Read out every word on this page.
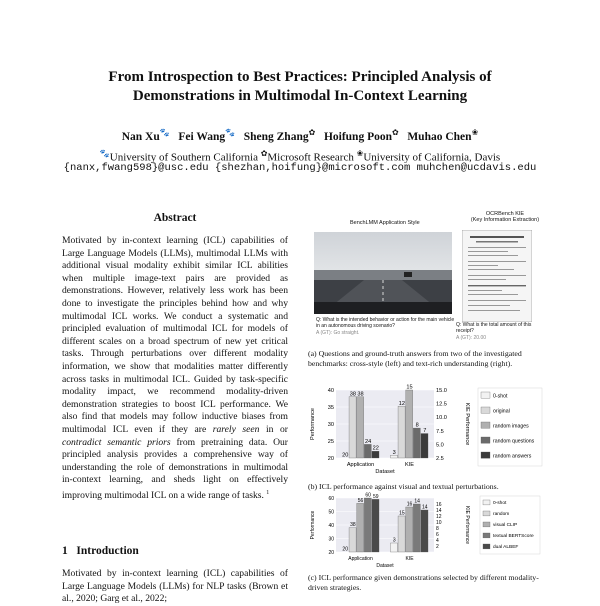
From Introspection to Best Practices: Principled Analysis of
Demonstrations in Multimodal In-Context Learning
Nan Xu🐾 Fei Wang🐾 Sheng Zhang✿ Hoifung Poon✿ Muhao Chen❀
🐾University of Southern California ✿Microsoft Research ❀University of California, Davis
{nanx,fwang598}@usc.edu {shezhan,hoifung}@microsoft.com muhchen@ucdavis.edu
Abstract
Motivated by in-context learning (ICL) capabilities of Large Language Models (LLMs), multimodal LLMs with additional visual modality exhibit similar ICL abilities when multiple image-text pairs are provided as demonstrations. However, relatively less work has been done to investigate the principles behind how and why multimodal ICL works. We conduct a systematic and principled evaluation of multimodal ICL for models of different scales on a broad spectrum of new yet critical tasks. Through perturbations over different modality information, we show that modalities matter differently across tasks in multimodal ICL. Guided by task-specific modality impact, we recommend modality-driven demonstration strategies to boost ICL performance. We also find that models may follow inductive biases from multimodal ICL even if they are rarely seen in or contradict semantic priors from pretraining data. Our principled analysis provides a comprehensive way of understanding the role of demonstrations in multimodal in-context learning, and sheds light on effectively improving multimodal ICL on a wide range of tasks. $^1$
1 Introduction
Motivated by in-context learning (ICL) capabilities of Large Language Models (LLMs) for NLP tasks (Brown et al., 2020; Garg et al., 2022;
BenchLMM Application Style
OCRBench KIE
(Key Information Extraction)
Q: What is the intended behavior or action for the main vehicle in an autonomous driving scenario?
A (GT): Go straight.
Q: What is the total amount of this receipt?
A (GT): 20.00
(a) Questions and ground-truth answers from two of the investigated benchmarks: cross-style (left) and text-rich understanding (right).
20
25
30
35
40
2.5
5.0
7.5
10.0
12.5
15.0
Performance	KIE Performance
20
38 38
24
22
Application
3
12
15
8
7
KIE
Dataset
0-shot
original
random images
random questions
random answers
(b) ICL performance against visual and textual perturbations.
20
30
40
50
60
2
4
6
8
10
12
14
16
Performance	KIE Performance
20
38
56
60 59
Application
3
15
16 14
14
KIE
Dataset
0-shot
random
visual CLIP
textual BERTScore
dual ALBEF
(c) ICL performance given demonstrations selected by different modality-driven strategies.
